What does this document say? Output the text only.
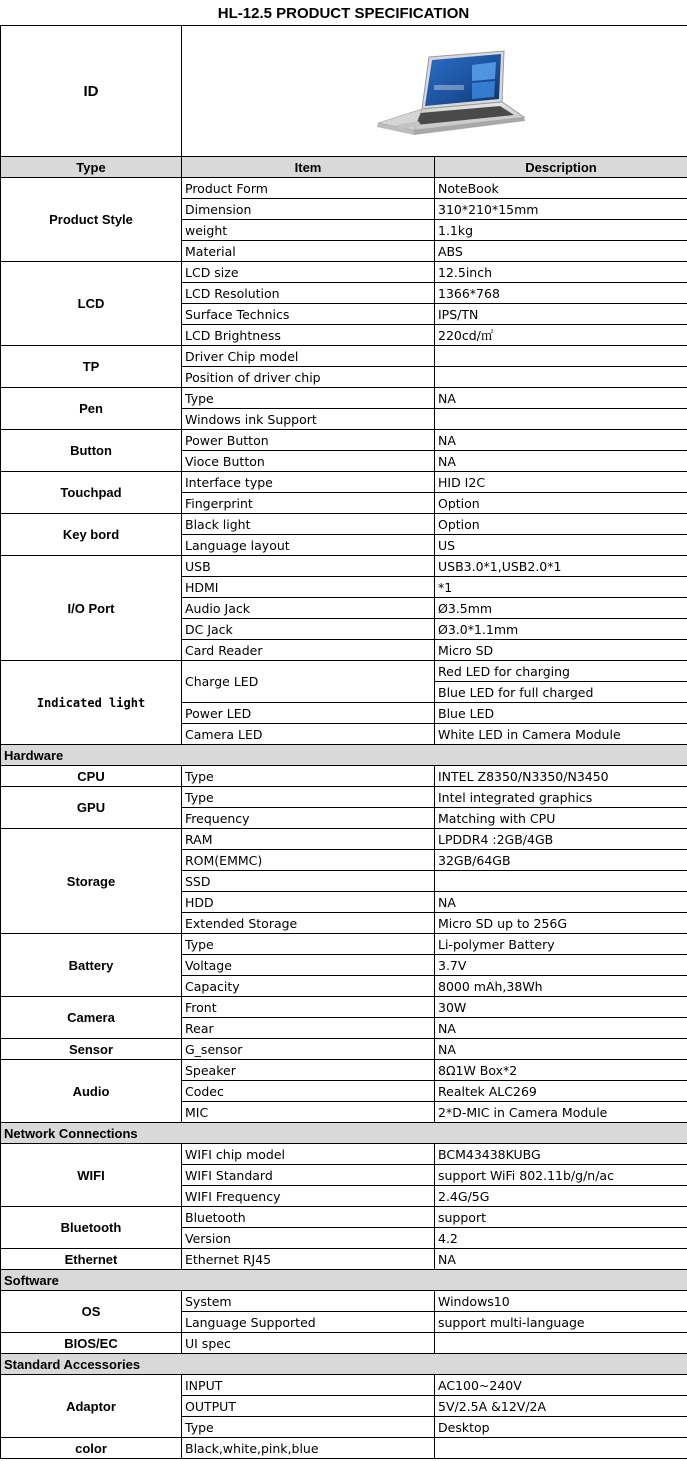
HL-12.5 PRODUCT SPECIFICATION
ID	

Type	Item	Description
Product Style	Product Form	NoteBook
	Dimension	310*210*15mm
	weight	1.1kg
	Material	ABS
LCD	LCD size	12.5inch
	LCD Resolution	1366*768
	Surface Technics	IPS/TN
	LCD Brightness	220cd/㎡
TP	Driver Chip model	
	Position of driver chip	
Pen	Type	NA
	Windows ink Support	
Button	Power Button	NA
	Vioce Button	NA
Touchpad	Interface type	HID I2C
	Fingerprint	Option
Key bord	Black light	Option
	Language layout	US
I/O Port	USB	USB3.0*1,USB2.0*1
	HDMI	*1
	Audio Jack	Ø3.5mm
	DC Jack	Ø3.0*1.1mm
	Card Reader	Micro SD
Indicated light	Charge LED	Red LED for charging
		Blue LED for full charged
	Power LED	Blue LED
	Camera LED	White LED in Camera Module
Hardware		
CPU	Type	INTEL Z8350/N3350/N3450
GPU	Type	Intel integrated graphics
	Frequency	Matching with CPU
Storage	RAM	LPDDR4 :2GB/4GB
	ROM(EMMC)	32GB/64GB
	SSD	
	HDD	NA
	Extended Storage	Micro SD up to 256G
Battery	Type	Li-polymer Battery
	Voltage	3.7V
	Capacity	8000 mAh,38Wh
Camera	Front	30W
	Rear	NA
Sensor	G_sensor	NA
Audio	Speaker	8Ω1W Box*2
	Codec	Realtek ALC269
	MIC	2*D-MIC in Camera Module
Network Connections		
WIFI	WIFI chip model	BCM43438KUBG
	WIFI Standard	support WiFi 802.11b/g/n/ac
	WIFI Frequency	2.4G/5G
Bluetooth	Bluetooth	support
	Version	4.2
Ethernet	Ethernet RJ45	NA
Software		
OS	System	Windows10
	Language Supported	support multi-language
BIOS/EC	UI spec	
Standard Accessories		
Adaptor	INPUT	AC100~240V
	OUTPUT	5V/2.5A &12V/2A
	Type	Desktop
color	Black,white,pink,blue	
